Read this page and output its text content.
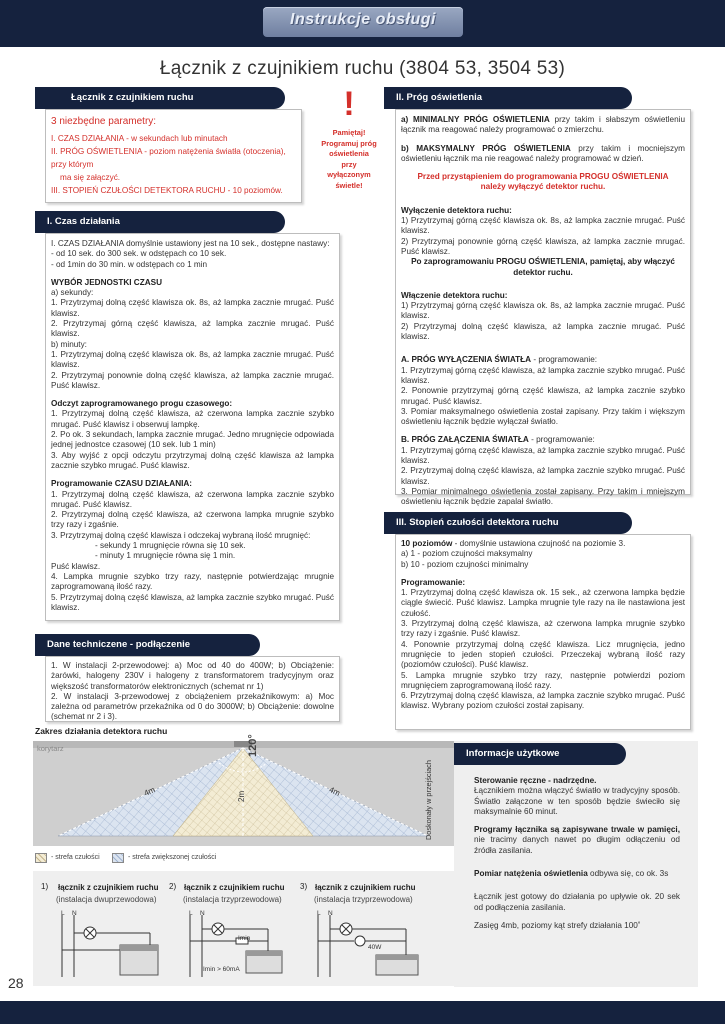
Instrukcje obsługi
Łącznik z czujnikiem ruchu (3804 53, 3504 53)
Łącznik z czujnikiem ruchu

3 niezbędne parametry:

I. CZAS DZIAŁANIA - w sekundach lub minutach

II. PRÓG OŚWIETLENIA - poziom natężenia światła (otoczenia), przy którym

ma się załączyć.

III. STOPIEŃ CZUŁOŚCI DETEKTORA RUCHU - 10 poziomów.

!
Pamiętaj!
Programuj próg
oświetlenia
przy
wyłączonym
świetle!
I. Czas działania

I. CZAS DZIAŁANIA domyślnie ustawiony jest na 10 sek., dostępne nastawy:

- od 10 sek. do 300 sek. w odstępach co 10 sek.

- od 1min do 30 min. w odstępach co 1 min

WYBÓR JEDNOSTKI CZASU

a) sekundy:

1. Przytrzymaj dolną część klawisza ok. 8s, aż lampka zacznie mrugać. Puść klawisz.

2. Przytrzymaj górną część klawisza, aż lampka zacznie mrugać. Puść klawisz.

b) minuty:

1. Przytrzymaj dolną część klawisza ok. 8s, aż lampka zacznie mrugać. Puść klawisz.

2. Przytrzymaj ponownie dolną część klawisza, aż lampka zacznie mrugać. Puść klawisz.

Odczyt zaprogramowanego progu czasowego:

1. Przytrzymaj dolną część klawisza, aż czerwona lampka zacznie szybko mrugać. Puść klawisz i obserwuj lampkę.

2. Po ok. 3 sekundach, lampka zacznie mrugać. Jedno mrugnięcie odpowiada jednej jednostce czasowej (10 sek. lub 1 min)

3. Aby wyjść z opcji odczytu przytrzymaj dolną część klawisza aż lampka zacznie szybko mrugać. Puść klawisz.

Programowanie CZASU DZIAŁANIA:

1. Przytrzymaj dolną część klawisza, aż czerwona lampka zacznie szybko mrugać. Puść klawisz.

2. Przytrzymaj dolną część klawisza, aż czerwona lampka mrugnie szybko trzy razy i zgaśnie.

3. Przytrzymaj dolną część klawisza i odczekaj wybraną ilość mrugnięć:

- sekundy 1 mrugnięcie równa się 10 sek.

- minuty 1 mrugnięcie równa się 1 min.

Puść klawisz.

4. Lampka mrugnie szybko trzy razy, następnie potwierdzając mrugnie zaprogramowaną ilość razy.

5. Przytrzymaj dolną część klawisza, aż lampka zacznie szybko mrugać. Puść klawisz.

Dane techniczene - podłączenie

1. W instalacji 2-przewodowej: a) Moc od 40 do 400W; b) Obciążenie: żarówki, halogeny 230V i halogeny z transformatorem tradycyjnym oraz większość transformatorów elektronicznych (schemat nr 1)

2. W instalacji 3-przewodowej z obciążeniem przekaźnikowym: a) Moc zależna od parametrów przekaźnika od 0 do 3000W; b) Obciążenie: dowolne (schemat nr 2 i 3).

Zakres działania detektora ruchu
korytarz	120°
4m	4m
2m	Doskonały w przejściach
- strefa czułości	- strefa zwiększonej czułości
1) łącznik z czujnikiem ruchu
(instalacja dwuprzewodowa)
L N
2) łącznik z czujnikiem ruchu
(instalacja trzyprzewodowa)
L N
Imin
Imin > 60mA
3) łącznik z czujnikiem ruchu
(instalacja trzyprzewodowa)
L N
40W
28
II. Próg oświetlenia

a) MINIMALNY PRÓG OŚWIETLENIA przy takim i słabszym oświetleniu łącznik ma reagować należy programować o zmierzchu.

b) MAKSYMALNY PRÓG OŚWIETLENIA przy takim i mocniejszym oświetleniu łącznik ma nie reagować należy programować w dzień.

Przed przystąpieniem do programowania PROGU OŚWIETLENIA należy wyłączyć detektor ruchu.

Wyłączenie detektora ruchu:

1) Przytrzymaj górną część klawisza ok. 8s, aż lampka zacznie mrugać. Puść klawisz.

2) Przytrzymaj ponownie górną część klawisza, aż lampka zacznie mrugać. Puść klawisz.

Po zaprogramowaniu PROGU OŚWIETLENIA, pamiętaj, aby włączyć detektor ruchu.

Włączenie detektora ruchu:

1) Przytrzymaj górną część klawisza ok. 8s, aż lampka zacznie mrugać. Puść klawisz.

2) Przytrzymaj dolną część klawisza, aż lampka zacznie mrugać. Puść klawisz.

A. PRÓG WYŁĄCZENIA ŚWIATŁA - programowanie:

1. Przytrzymaj górną część klawisza, aż lampka zacznie szybko mrugać. Puść klawisz.

2. Ponownie przytrzymaj górną część klawisza, aż lampka zacznie szybko mrugać. Puść klawisz.

3. Pomiar maksymalnego oświetlenia został zapisany. Przy takim i większym oświetleniu łącznik będzie wyłączał światło.

B. PRÓG ZAŁĄCZENIA ŚWIATŁA - programowanie:

1. Przytrzymaj górną część klawisza, aż lampka zacznie szybko mrugać. Puść klawisz.

2. Przytrzymaj dolną część klawisza, aż lampka zacznie szybko mrugać. Puść klawisz.

3. Pomiar minimalnego oświetlenia został zapisany. Przy takim i mniejszym oświetleniu łącznik będzie zapalał światło.

III. Stopień czułości detektora ruchu

10 poziomów - domyślnie ustawiona czujność na poziomie 3.

a) 1 - poziom czujności maksymalny

b) 10 - poziom czujności minimalny

Programowanie:

1. Przytrzymaj dolną część klawisza ok. 15 sek., aż czerwona lampka będzie ciągle świecić. Puść klawisz. Lampka mrugnie tyle razy na ile nastawiona jest czułość.

3. Przytrzymaj dolną część klawisza, aż czerwona lampka mrugnie szybko trzy razy i zgaśnie. Puść klawisz.

4. Ponownie przytrzymaj dolną część klawisza. Licz mrugnięcia, jedno mrugnięcie to jeden stopień czułości. Przeczekaj wybraną ilość razy (poziomów czułości). Puść klawisz.

5. Lampka mrugnie szybko trzy razy, następnie potwierdzi poziom mrugnięciem zaprogramowaną ilość razy.

6. Przytrzymaj dolną część klawisza, aż lampka zacznie szybko mrugać. Puść klawisz. Wybrany poziom czułości został zapisany.

Informacje użytkowe

Sterowanie ręczne - nadrzędne.

Łącznikiem można włączyć światło w tradycyjny sposób. Światło załączone w ten sposób będzie świeciło się maksymalnie 60 minut.

Programy łącznika są zapisywane trwale w pamięci, nie tracimy danych nawet po długim odłączeniu od źródła zasilania.

Pomiar natężenia oświetlenia odbywa się, co ok. 3s

Łącznik jest gotowy do działania po upływie ok. 20 sek od podłączenia zasilania.

Zasięg 4mb, poziomy kąt strefy działania 100˚
